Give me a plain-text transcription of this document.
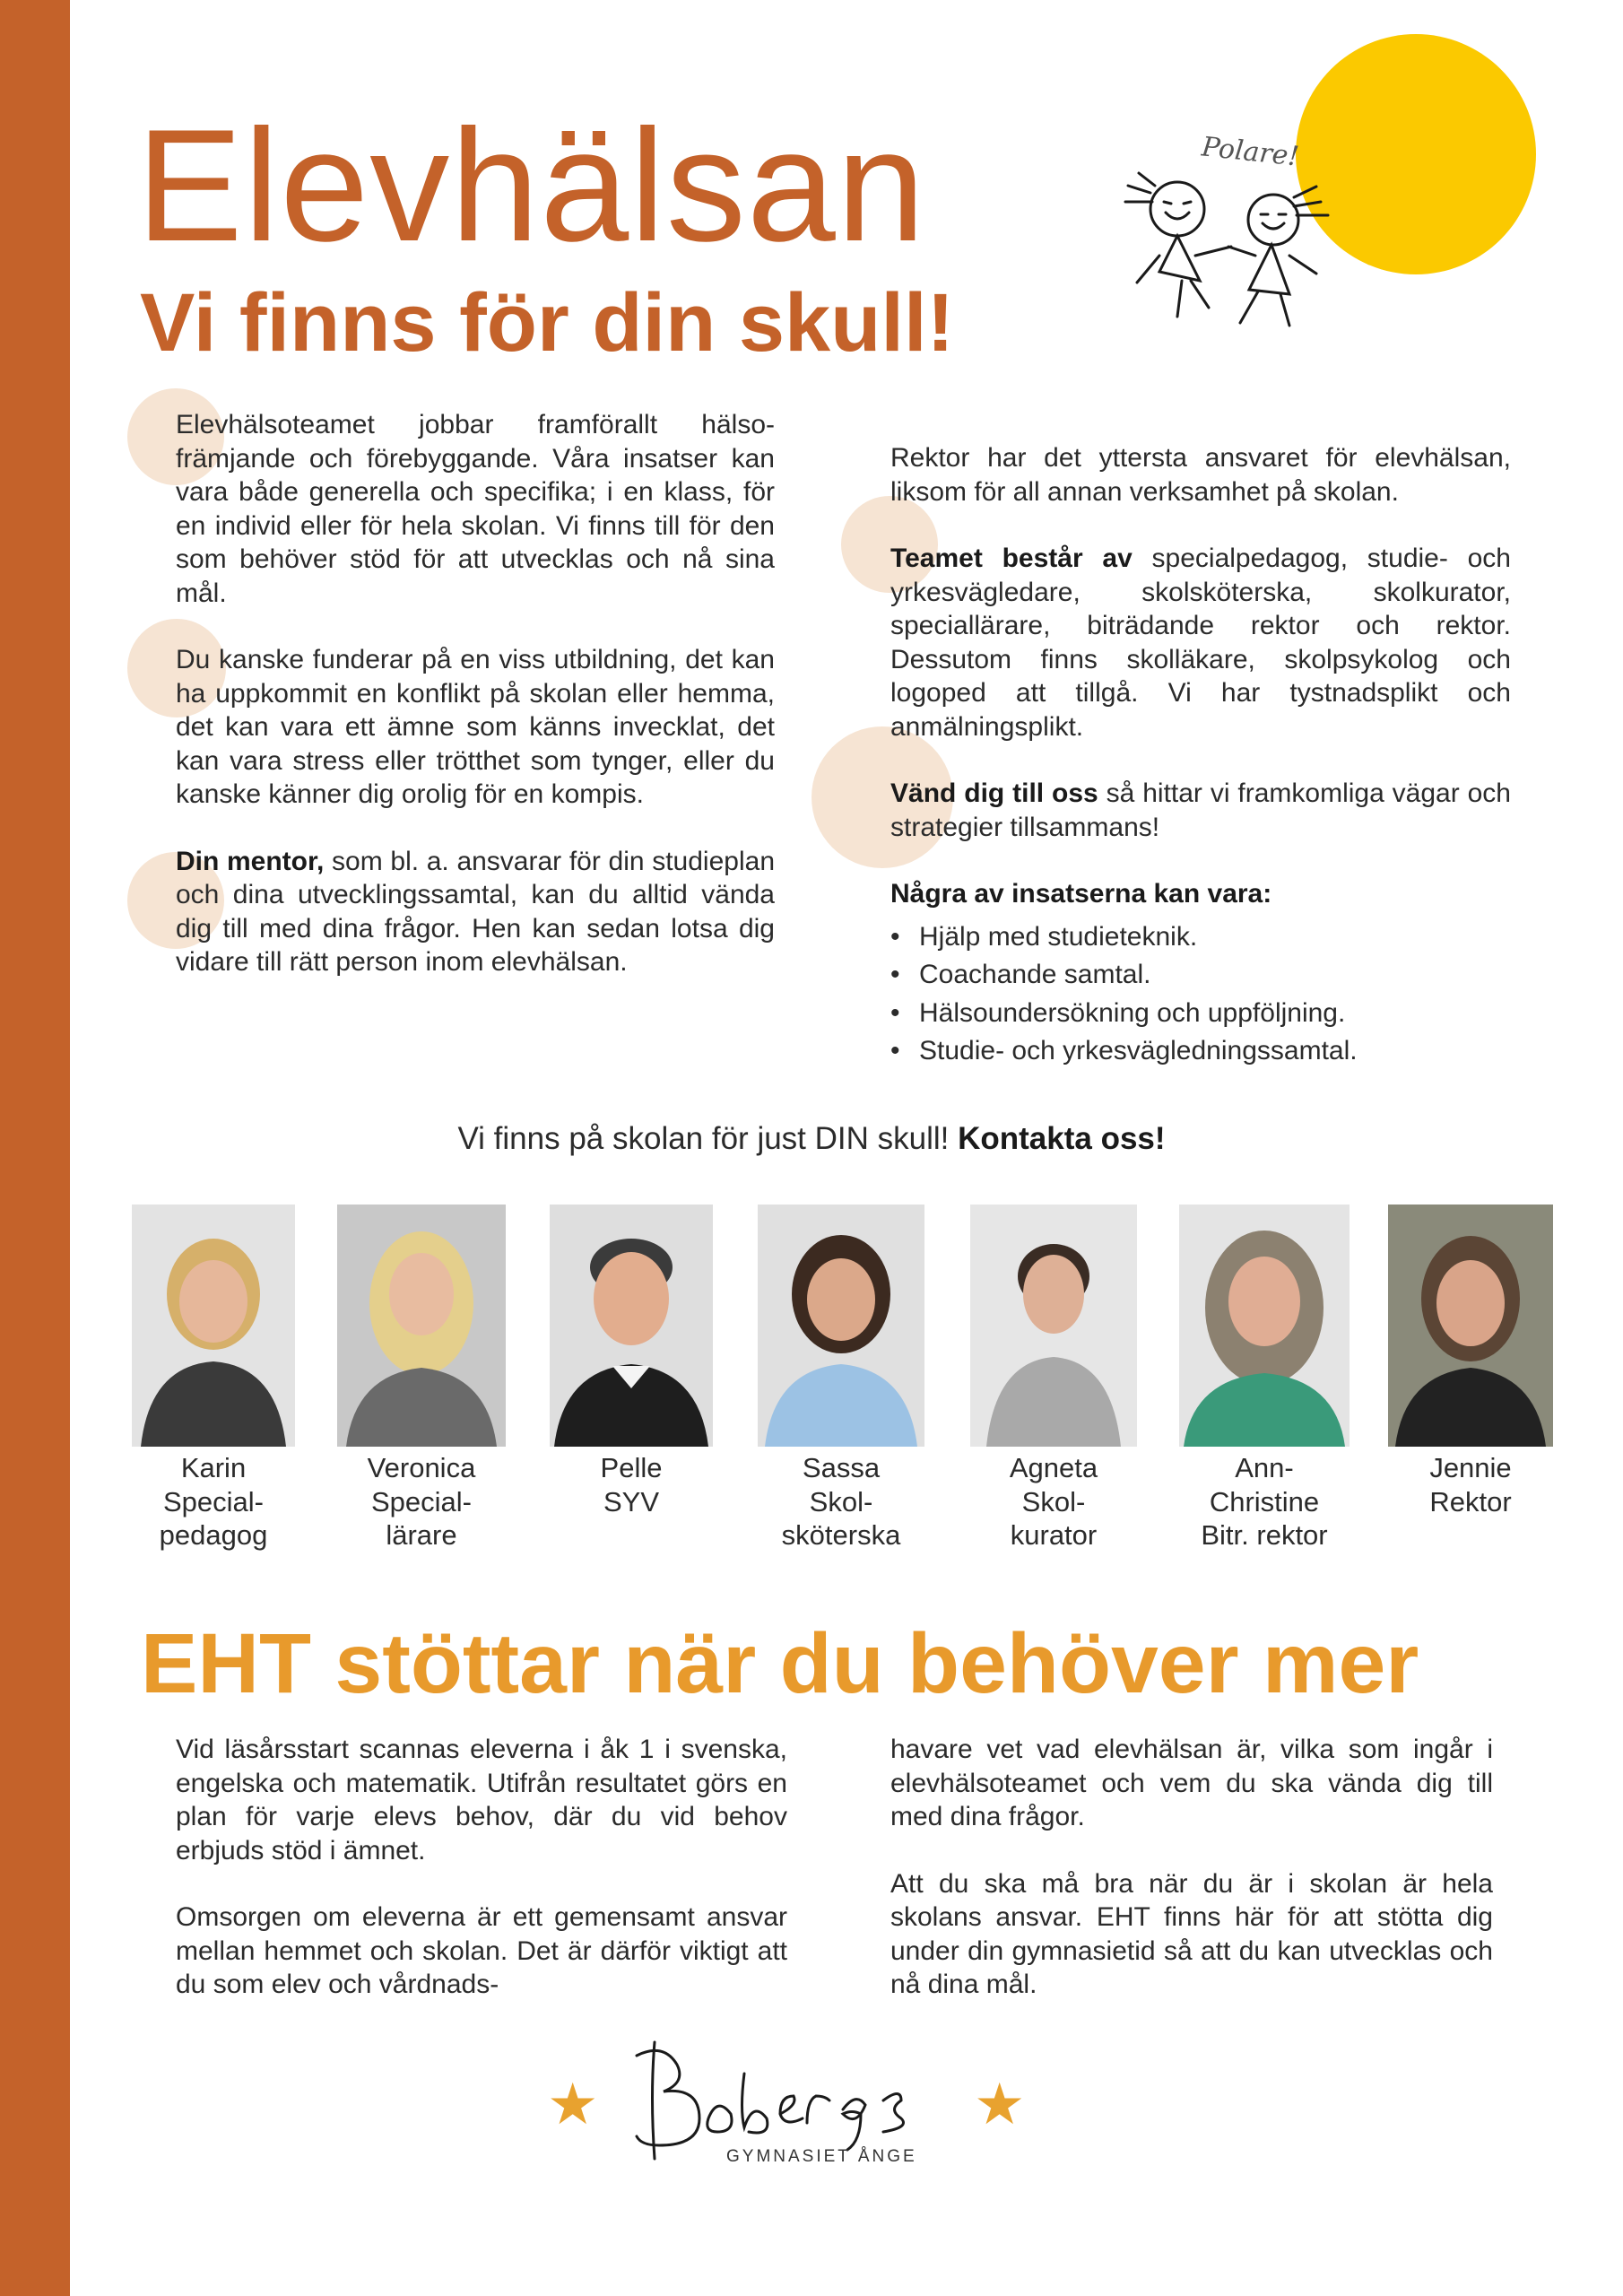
Polare!
Elevhälsan
Vi finns för din skull!

Elevhälsoteamet jobbar framförallt hälso-främjande och förebyggande. Våra insatser kan vara både generella och specifika; i en klass, för en individ eller för hela skolan. Vi finns till för den som behöver stöd för att utvecklas och nå sina mål.

Du kanske funderar på en viss utbildning, det kan ha uppkommit en konflikt på skolan eller hemma, det kan vara ett ämne som känns invecklat, det kan vara stress eller trötthet som tynger, eller du kanske känner dig orolig för en kompis.

Din mentor, som bl. a. ansvarar för din studieplan och dina utvecklingssamtal, kan du alltid vända dig till med dina frågor. Hen kan sedan lotsa dig vidare till rätt person inom elevhälsan.

Rektor har det yttersta ansvaret för elevhälsan, liksom för all annan verksamhet på skolan.

Teamet består av specialpedagog, studie- och yrkesvägledare, skolsköterska, skolkurator, speciallärare, biträdande rektor och rektor. Dessutom finns skolläkare, skolpsykolog och logoped att tillgå. Vi har tystnadsplikt och anmälningsplikt.

Vänd dig till oss så hittar vi framkomliga vägar och strategier tillsammans!

Några av insatserna kan vara:
• Hjälp med studieteknik.
• Coachande samtal.
• Hälsoundersökning och uppföljning.
• Studie- och yrkesvägledningssamtal.
Vi finns på skolan för just DIN skull! Kontakta oss!
Karin
Special-
pedagog
Veronica
Special-
lärare
Pelle
SYV
Sassa
Skol-
sköterska
Agneta
Skol-
kurator
Ann-
Christine
Bitr. rektor
Jennie
Rektor
EHT stöttar när du behöver mer

Vid läsårsstart scannas eleverna i åk 1 i svenska, engelska och matematik. Utifrån resultatet görs en plan för varje elevs behov, där du vid behov erbjuds stöd i ämnet.

Omsorgen om eleverna är ett gemensamt ansvar mellan hemmet och skolan. Det är därför viktigt att du som elev och vårdnads-

havare vet vad elevhälsan är, vilka som ingår i elevhälsoteamet och vem du ska vända dig till med dina frågor.

Att du ska må bra när du är i skolan är hela skolans ansvar. EHT finns här för att stötta dig under din gymnasietid så att du kan utvecklas och nå dina mål.

★	★
GYMNASIET ÅNGE
